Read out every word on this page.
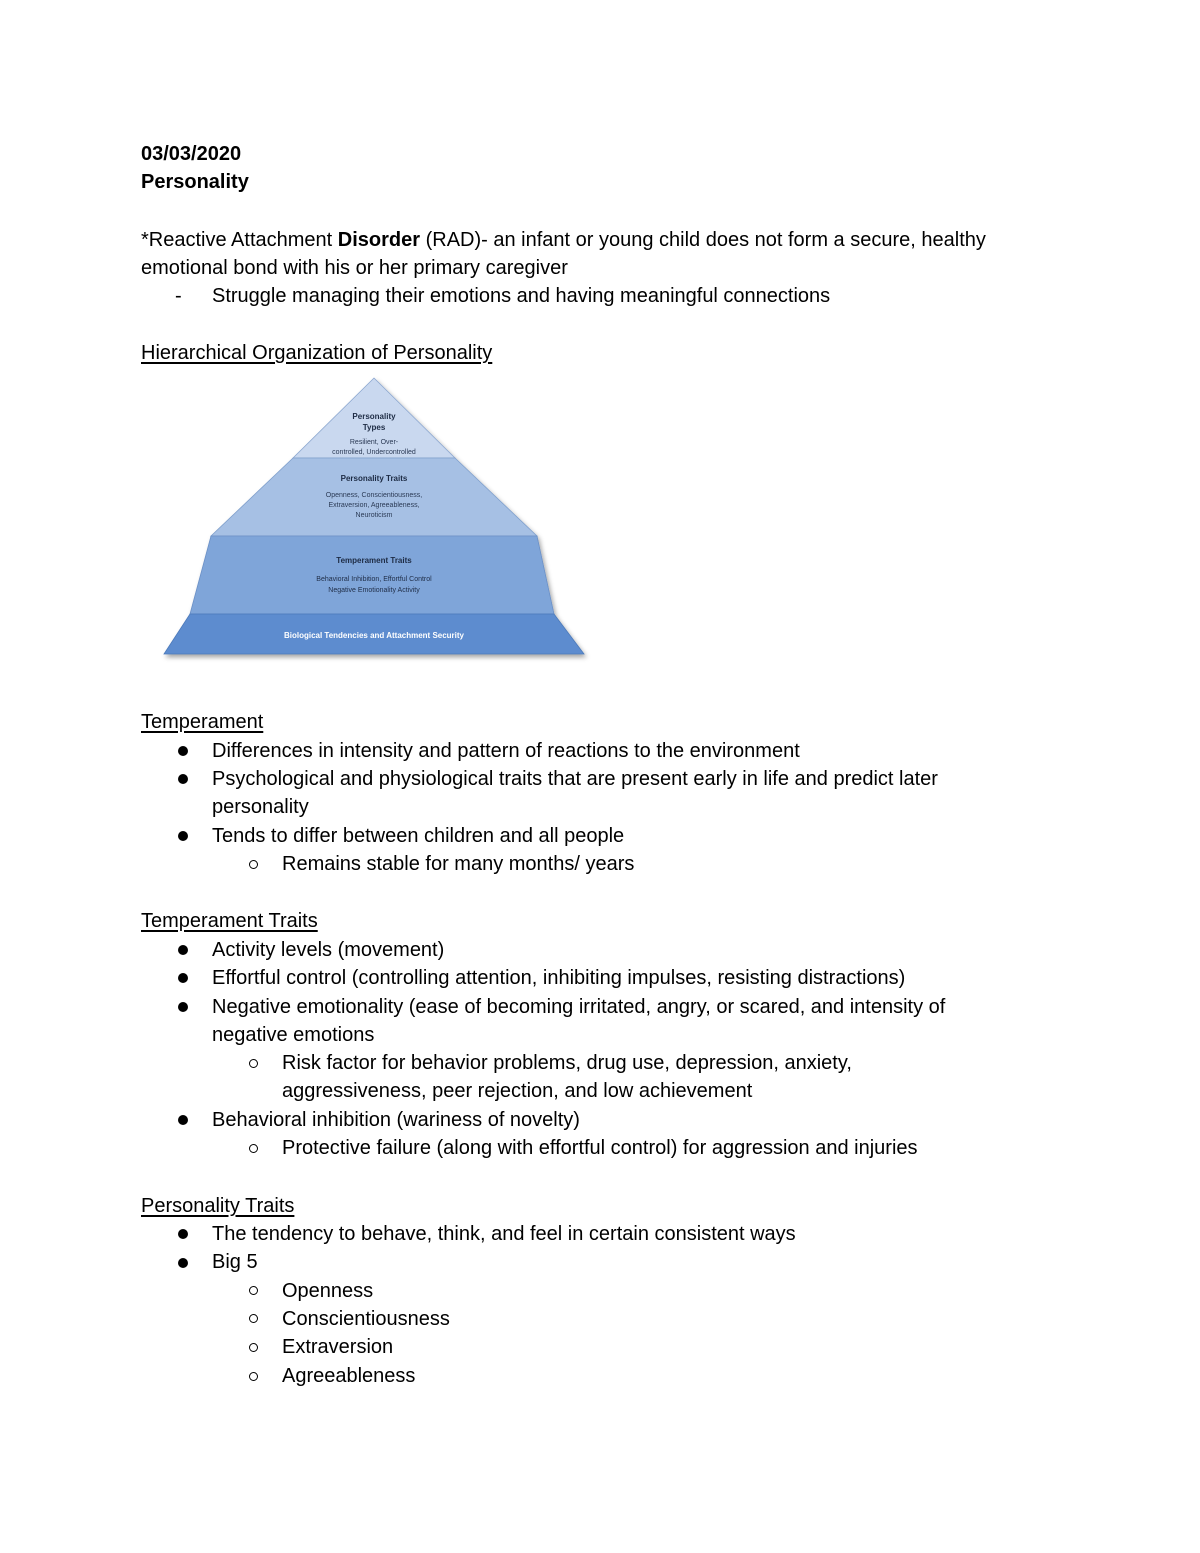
03/03/2020
Personality
*Reactive Attachment Disorder (RAD)- an infant or young child does not form a secure, healthy
emotional bond with his or her primary caregiver
- Struggle managing their emotions and having meaningful connections
Hierarchical Organization of Personality
Personality
Types
Resilient, Over-
controlled, Undercontrolled
Personality Traits
Openness, Conscientiousness,
Extraversion, Agreeableness,
Neuroticism
Temperament Traits
Behavioral Inhibition, Effortful Control
Negative Emotionality Activity
Biological Tendencies and Attachment Security
Temperament
Differences in intensity and pattern of reactions to the environment
Psychological and physiological traits that are present early in life and predict later
personality
Tends to differ between children and all people
Remains stable for many months/ years
Temperament Traits
Activity levels (movement)
Effortful control (controlling attention, inhibiting impulses, resisting distractions)
Negative emotionality (ease of becoming irritated, angry, or scared, and intensity of
negative emotions
Risk factor for behavior problems, drug use, depression, anxiety,
aggressiveness, peer rejection, and low achievement
Behavioral inhibition (wariness of novelty)
Protective failure (along with effortful control) for aggression and injuries
Personality Traits
The tendency to behave, think, and feel in certain consistent ways
Big 5
Openness
Conscientiousness
Extraversion
Agreeableness
